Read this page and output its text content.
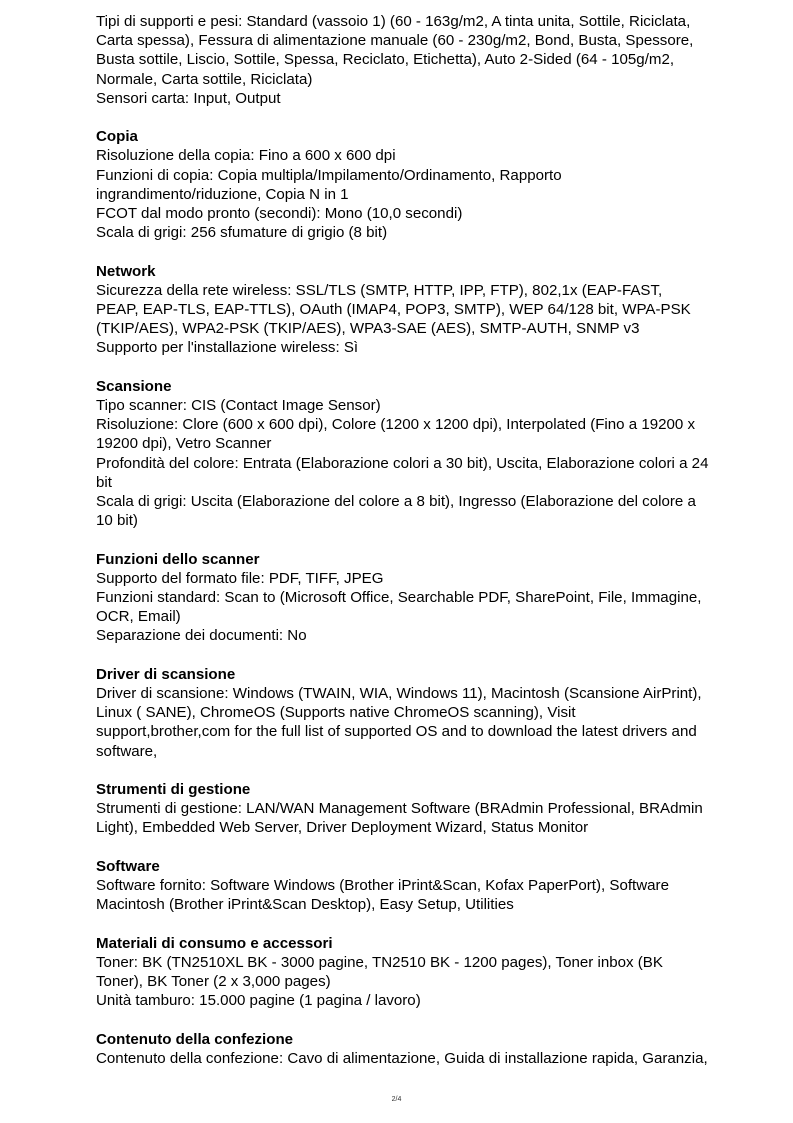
Tipi di supporti e pesi: Standard (vassoio 1) (60 - 163g/m2, A tinta unita, Sottile, Riciclata,
Carta spessa), Fessura di alimentazione manuale (60 - 230g/m2, Bond, Busta, Spessore,
Busta sottile, Liscio, Sottile, Spessa, Reciclato, Etichetta), Auto 2-Sided (64 - 105g/m2,
Normale, Carta sottile, Riciclata)
Sensori carta: Input, Output
Copia
Risoluzione della copia: Fino a 600 x 600 dpi
Funzioni di copia: Copia multipla/Impilamento/Ordinamento, Rapporto
ingrandimento/riduzione, Copia N in 1
FCOT dal modo pronto (secondi): Mono (10,0 secondi)
Scala di grigi: 256 sfumature di grigio (8 bit)
Network
Sicurezza della rete wireless: SSL/TLS (SMTP, HTTP, IPP, FTP), 802,1x (EAP-FAST,
PEAP, EAP-TLS, EAP-TTLS), OAuth (IMAP4, POP3, SMTP), WEP 64/128 bit, WPA-PSK
(TKIP/AES), WPA2-PSK (TKIP/AES), WPA3-SAE (AES), SMTP-AUTH, SNMP v3
Supporto per l'installazione wireless: Sì
Scansione
Tipo scanner: CIS (Contact Image Sensor)
Risoluzione: Clore (600 x 600 dpi), Colore (1200 x 1200 dpi), Interpolated (Fino a 19200 x
19200 dpi), Vetro Scanner
Profondità del colore: Entrata (Elaborazione colori a 30 bit), Uscita, Elaborazione colori a 24
bit
Scala di grigi: Uscita (Elaborazione del colore a 8 bit), Ingresso (Elaborazione del colore a
10 bit)
Funzioni dello scanner
Supporto del formato file: PDF, TIFF, JPEG
Funzioni standard: Scan to (Microsoft Office, Searchable PDF, SharePoint, File, Immagine,
OCR, Email)
Separazione dei documenti: No
Driver di scansione
Driver di scansione: Windows (TWAIN, WIA, Windows 11), Macintosh (Scansione AirPrint),
Linux ( SANE), ChromeOS (Supports native ChromeOS scanning), Visit
support,brother,com for the full list of supported OS and to download the latest drivers and
software,
Strumenti di gestione
Strumenti di gestione: LAN/WAN Management Software (BRAdmin Professional, BRAdmin
Light), Embedded Web Server, Driver Deployment Wizard, Status Monitor
Software
Software fornito: Software Windows (Brother iPrint&Scan, Kofax PaperPort), Software
Macintosh (Brother iPrint&Scan Desktop), Easy Setup, Utilities
Materiali di consumo e accessori
Toner: BK (TN2510XL BK - 3000 pagine, TN2510 BK - 1200 pages), Toner inbox (BK
Toner), BK Toner (2 x 3,000 pages)
Unità tamburo: 15.000 pagine (1 pagina / lavoro)
Contenuto della confezione
Contenuto della confezione: Cavo di alimentazione, Guida di installazione rapida, Garanzia,
2/4
